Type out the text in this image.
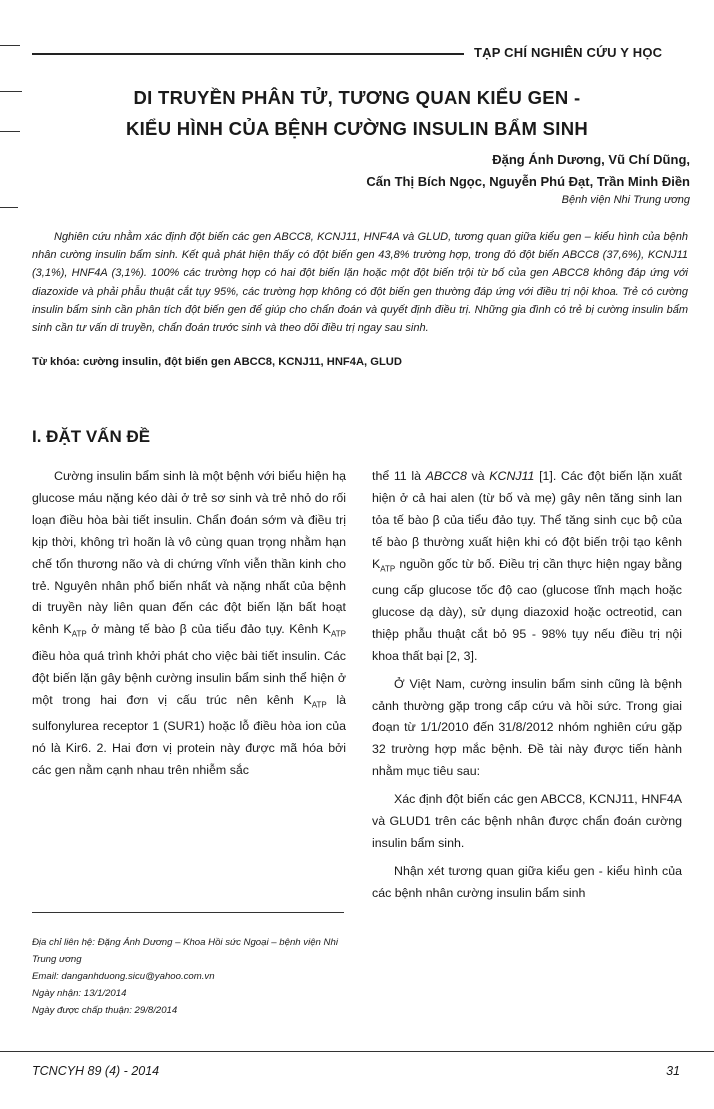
TẠP CHÍ NGHIÊN CỨU Y HỌC
DI TRUYỀN PHÂN TỬ, TƯƠNG QUAN KIỂU GEN -
KIỂU HÌNH CỦA BỆNH CƯỜNG INSULIN BẨM SINH
Đặng Ánh Dương, Vũ Chí Dũng,
Cấn Thị Bích Ngọc, Nguyễn Phú Đạt, Trần Minh Điền
Bệnh viện Nhi Trung ương

Nghiên cứu nhằm xác định đột biến các gen ABCC8, KCNJ11, HNF4A và GLUD, tương quan giữa kiểu gen – kiểu hình của bệnh nhân cường insulin bẩm sinh. Kết quả phát hiện thấy có đột biến gen 43,8% trường hợp, trong đó đột biến ABCC8 (37,6%), KCNJ11 (3,1%), HNF4A (3,1%). 100% các trường hợp có hai đột biến lặn hoặc một đột biến trội từ bố của gen ABCC8 không đáp ứng với diazoxide và phải phẫu thuật cắt tụy 95%, các trường hợp không có đột biến gen thường đáp ứng với điều trị nội khoa. Trẻ có cường insulin bẩm sinh cần phân tích đột biến gen để giúp cho chẩn đoán và quyết định điều trị. Những gia đình có trẻ bị cường insulin bẩm sinh cần tư vấn di truyền, chẩn đoán trước sinh và theo dõi điều trị ngay sau sinh.

Từ khóa: cường insulin, đột biến gen ABCC8, KCNJ11, HNF4A, GLUD
I. ĐẶT VẤN ĐỀ

Cường insulin bẩm sinh là một bệnh với biểu hiện hạ glucose máu nặng kéo dài ở trẻ sơ sinh và trẻ nhỏ do rối loạn điều hòa bài tiết insulin. Chẩn đoán sớm và điều trị kịp thời, không trì hoãn là vô cùng quan trọng nhằm hạn chế tổn thương não và di chứng vĩnh viễn thần kinh cho trẻ. Nguyên nhân phổ biến nhất và nặng nhất của bệnh di truyền này liên quan đến các đột biến lặn bất hoạt kênh $K_{ATP}$ ở màng tế bào β của tiểu đảo tụy. Kênh $K_{ATP}$ điều hòa quá trình khởi phát cho việc bài tiết insulin. Các đột biến lặn gây bệnh cường insulin bẩm sinh thể hiện ở một trong hai đơn vị cấu trúc nên kênh $K_{ATP}$ là sulfonylurea receptor 1 (SUR1) hoặc lỗ điều hòa ion của nó là Kir6. 2. Hai đơn vị protein này được mã hóa bởi các gen nằm cạnh nhau trên nhiễm sắc

thể 11 là ABCC8 và KCNJ11 [1]. Các đột biến lặn xuất hiện ở cả hai alen (từ bố và mẹ) gây nên tăng sinh lan tỏa tế bào β của tiểu đảo tụy. Thể tăng sinh cục bộ của tế bào β thường xuất hiện khi có đột biến trội tạo kênh $K_{ATP}$ nguồn gốc từ bố. Điều trị cần thực hiện ngay bằng cung cấp glucose tốc độ cao (glucose tĩnh mạch hoặc glucose dạ dày), sử dụng diazoxid hoặc octreotid, can thiệp phẫu thuật cắt bỏ 95 - 98% tụy nếu điều trị nội khoa thất bại [2, 3].

Ở Việt Nam, cường insulin bẩm sinh cũng là bệnh cảnh thường gặp trong cấp cứu và hồi sức. Trong giai đoạn từ 1/1/2010 đến 31/8/2012 nhóm nghiên cứu gặp 32 trường hợp mắc bệnh. Đề tài này được tiến hành nhằm mục tiêu sau:

Xác định đột biến các gen ABCC8, KCNJ11, HNF4A và GLUD1 trên các bệnh nhân được chẩn đoán cường insulin bẩm sinh.

Nhận xét tương quan giữa kiểu gen - kiểu hình của các bệnh nhân cường insulin bẩm sinh

Địa chỉ liên hệ: Đặng Ánh Dương – Khoa Hồi sức Ngoại – bệnh viện Nhi Trung ương
Email: danganhduong.sicu@yahoo.com.vn
Ngày nhận: 13/1/2014
Ngày được chấp thuận: 29/8/2014
TCNCYH 89 (4) - 2014	31
